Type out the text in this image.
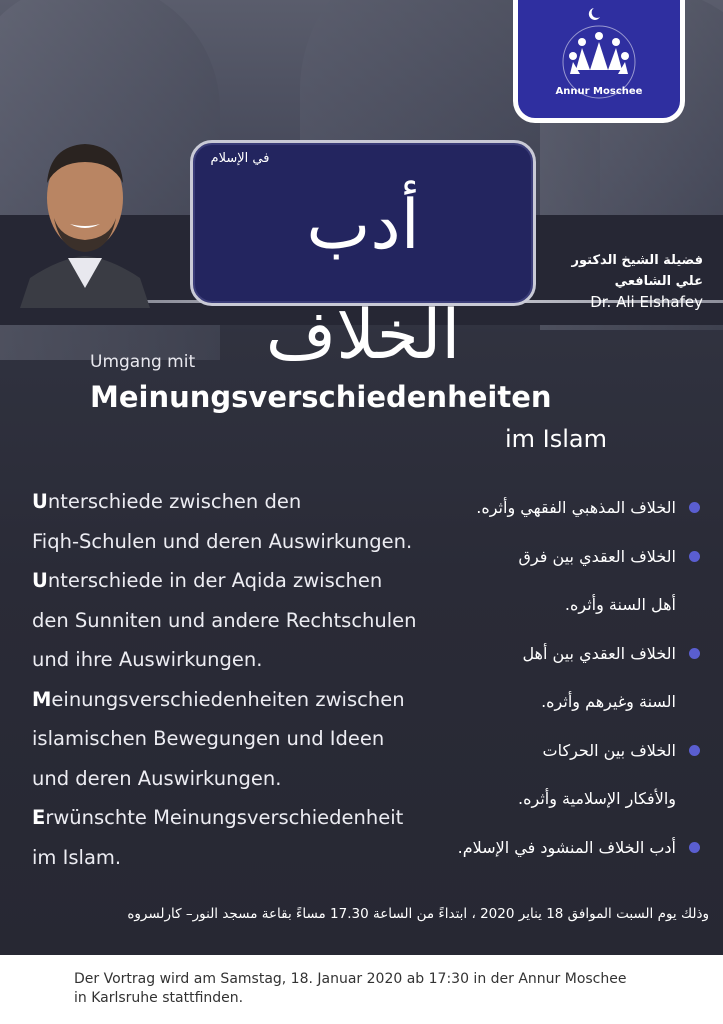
Annur Moschee
في الإسلام
أدب الخلاف
فضيلة الشيخ الدكتور
علي الشافعي
Dr. Ali Elshafey
Umgang mit
Meinungsverschiedenheiten
im Islam
Unterschiede zwischen den
Fiqh-Schulen und deren Auswirkungen.
Unterschiede in der Aqida zwischen
den Sunniten und andere Rechtschulen
und ihre Auswirkungen.
Meinungsverschiedenheiten zwischen
islamischen Bewegungen und Ideen
und deren Auswirkungen.
Erwünschte Meinungsverschiedenheit
im Islam.
الخلاف المذهبي الفقهي وأثره.
الخلاف العقدي بين فرق
أهل السنة وأثره.
الخلاف العقدي بين أهل
السنة وغيرهم وأثره.
الخلاف بين الحركات
والأفكار الإسلامية وأثره.
أدب الخلاف المنشود في الإسلام.
وذلك يوم السبت الموافق 18 يناير 2020 ، ابتداءً من الساعة 17.30 مساءً بقاعة مسجد النور– كارلسروه
Der Vortrag wird am Samstag, 18. Januar 2020 ab 17:30 in der Annur Moschee
in Karlsruhe stattfinden.
